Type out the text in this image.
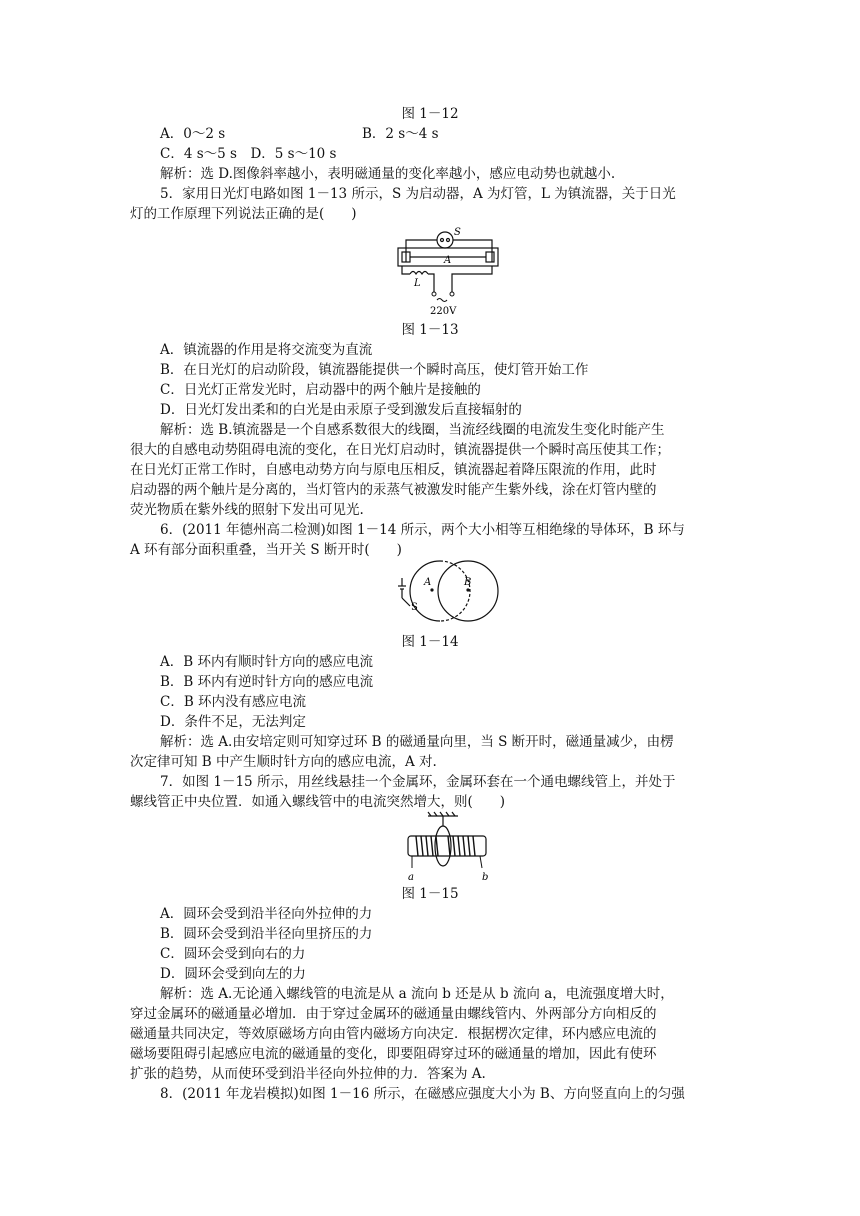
图 1－12
A．0～2 s	B．2 s～4 s
C．4 s～5 s　D．5 s～10 s
解析：选 D.图像斜率越小，表明磁通量的变化率越小，感应电动势也就越小.
5．家用日光灯电路如图 1－13 所示，S 为启动器，A 为灯管，L 为镇流器，关于日光
灯的工作原理下列说法正确的是(　　)
S
A
L
220V
图 1－13
A．镇流器的作用是将交流变为直流
B．在日光灯的启动阶段，镇流器能提供一个瞬时高压，使灯管开始工作
C．日光灯正常发光时，启动器中的两个触片是接触的
D．日光灯发出柔和的白光是由汞原子受到激发后直接辐射的
解析：选 B.镇流器是一个自感系数很大的线圈，当流经线圈的电流发生变化时能产生
很大的自感电动势阻碍电流的变化，在日光灯启动时，镇流器提供一个瞬时高压使其工作；
在日光灯正常工作时，自感电动势方向与原电压相反，镇流器起着降压限流的作用，此时
启动器的两个触片是分离的，当灯管内的汞蒸气被激发时能产生紫外线，涂在灯管内壁的
荧光物质在紫外线的照射下发出可见光.
6．(2011 年德州高二检测)如图 1－14 所示，两个大小相等互相绝缘的导体环，B 环与
A 环有部分面积重叠，当开关 S 断开时(　　)
A	B
S
图 1－14
A．B 环内有顺时针方向的感应电流
B．B 环内有逆时针方向的感应电流
C．B 环内没有感应电流
D．条件不足，无法判定
解析：选 A.由安培定则可知穿过环 B 的磁通量向里，当 S 断开时，磁通量减少，由楞
次定律可知 B 中产生顺时针方向的感应电流，A 对.
7．如图 1－15 所示，用丝线悬挂一个金属环，金属环套在一个通电螺线管上，并处于
螺线管正中央位置．如通入螺线管中的电流突然增大，则(　　)
a	b
图 1－15
A．圆环会受到沿半径向外拉伸的力
B．圆环会受到沿半径向里挤压的力
C．圆环会受到向右的力
D．圆环会受到向左的力
解析：选 A.无论通入螺线管的电流是从 a 流向 b 还是从 b 流向 a，电流强度增大时，
穿过金属环的磁通量必增加．由于穿过金属环的磁通量由螺线管内、外两部分方向相反的
磁通量共同决定，等效原磁场方向由管内磁场方向决定．根据楞次定律，环内感应电流的
磁场要阻碍引起感应电流的磁通量的变化，即要阻碍穿过环的磁通量的增加，因此有使环
扩张的趋势，从而使环受到沿半径向外拉伸的力．答案为 A.
8．(2011 年龙岩模拟)如图 1－16 所示，在磁感应强度大小为 B、方向竖直向上的匀强
